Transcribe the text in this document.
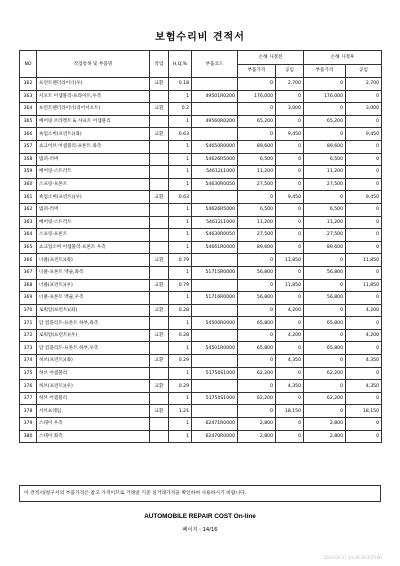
보험수리비 견적서
NO	작업항목 및 부품명	작업	H,Q,%	부품코드	손해 사정전		손해 사정후	
					부품가격	공임	부품가격	공임
362	프런트펜더라이너(우)	교환	0.18		0	2,700	0	2,700
363	서포트 어셈블리-프라이트,우측		1	49501R0200	176,000	0	176,000	0
364	프런트펜더라이너(리어서포트)	교환	0.2		0	3,000	0	3,000
365	베어링 브라켓트 & 샤프트 어셈블리		1	49560R0200	65,200	0	65,200	0
366	쇽업소버(프런트)(좌)	교환	0.63		0	9,450	0	9,450
357	쇼크어브 어셈블리-프론트 좌측		1	54650R0000	89,600	0	89,600	0
358	범퍼-러버		1	54626R5000	6,500	0	6,500	0
359	베어링-스트러트		1	54612L1000	11,200	0	11,200	0
360	스프링-프론트		1	54630R0050	27,500	0	27,500	0
361	쇽업소버(프런트)(우)	교환	0.63		0	9,450	0	9,450
362	범퍼-러버		1	54626R5000	6,500	0	6,500	0
363	베어링-스트러트		1	54612L1000	11,200	0	11,200	0
364	스프링-프론트		1	54630R0050	27,500	0	27,500	0
365	쇼크업소버 어셈블리-프론트 우측		1	54661R0000	89,600	0	89,600	0
366	너클(프런트)(좌)	교환	0.79		0	11,850	0	11,850
367	너클-프론트 액슬,좌측		1	51715R0000	56,800	0	56,800	0
368	너클(프런트)(우)	교환	0.79		0	11,850	0	11,850
369	너클-프론트 액슬,우측		1	51716R0000	56,800	0	56,800	0
370	로워암(프런트)(좌)	교환	0.28		0	4,200	0	4,200
371	암 컴플리트-프론트 하부,좌측		1	54500R0000	65,800	0	65,800	0
372	로워암(프런트)(우)	교환	0.28		0	4,200	0	4,200
373	암 컴플리트-프론트 하부,우측		1	54501R0000	65,800	0	65,800	0
374	허브(프런트)(좌)	교환	0.29		0	4,350	0	4,350
375	허브 어셈블리		1	51750S1000	62,200	0	62,200	0
376	허브(프런트)(우)	교환	0.29		0	4,350	0	4,350
377	허브 어셈블리		1	51750S1000	62,200	0	62,200	0
378	서브프레임	교환	1.21		0	18,150	0	18,150
379	스테이 우측		1	62471R0000	2,800	0	2,800	0
380	스테이 좌측		1	62470R0000	2,800	0	2,800	0
이 견적서/청구서의 부품가격은 참고 가격이므로 거래일 기준 실거래가격을 확인하여 사용하시기 바랍니다.
AUTOMOBILE REPAIR COST On-line
페이지 : 14/16
2020-03-17 14:48:36 KST(W)
